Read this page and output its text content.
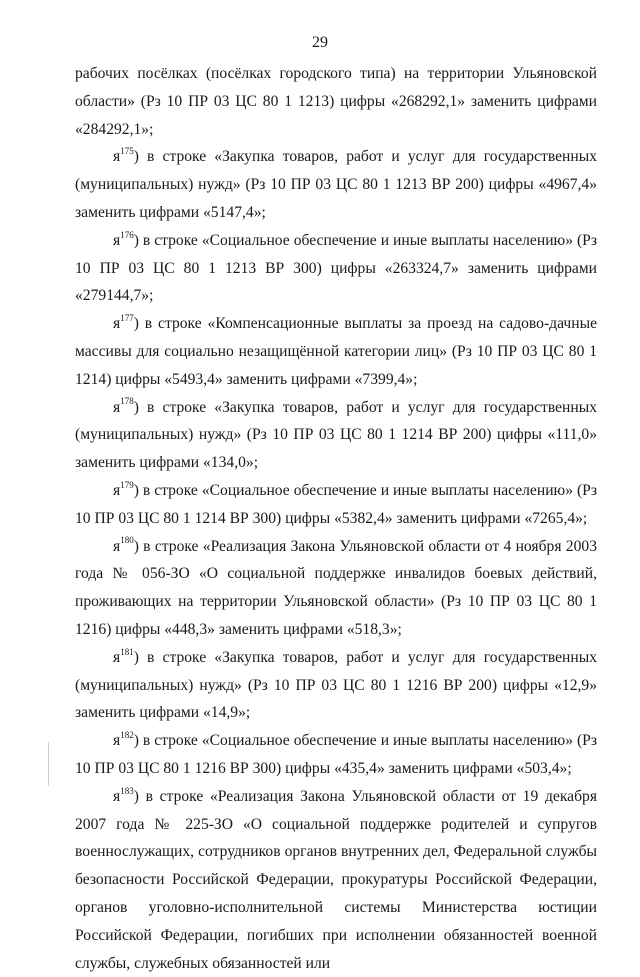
29

рабочих посёлках (посёлках городского типа) на территории Ульяновской области» (Рз 10 ПР 03 ЦС 80 1 1213) цифры «268292,1» заменить цифрами «284292,1»;

$я^{175}$) в строке «Закупка товаров, работ и услуг для государственных (муниципальных) нужд» (Рз 10 ПР 03 ЦС 80 1 1213 ВР 200) цифры «4967,4» заменить цифрами «5147,4»;

$я^{176}$) в строке «Социальное обеспечение и иные выплаты населению» (Рз 10 ПР 03 ЦС 80 1 1213 ВР 300) цифры «263324,7» заменить цифрами «279144,7»;

$я^{177}$) в строке «Компенсационные выплаты за проезд на садово-дачные массивы для социально незащищённой категории лиц» (Рз 10 ПР 03 ЦС 80 1 1214) цифры «5493,4» заменить цифрами «7399,4»;

$я^{178}$) в строке «Закупка товаров, работ и услуг для государственных (муниципальных) нужд» (Рз 10 ПР 03 ЦС 80 1 1214 ВР 200) цифры «111,0» заменить цифрами «134,0»;

$я^{179}$) в строке «Социальное обеспечение и иные выплаты населению» (Рз 10 ПР 03 ЦС 80 1 1214 ВР 300) цифры «5382,4» заменить цифрами «7265,4»;

$я^{180}$) в строке «Реализация Закона Ульяновской области от 4 ноября 2003 года № 056-ЗО «О социальной поддержке инвалидов боевых действий, проживающих на территории Ульяновской области» (Рз 10 ПР 03 ЦС 80 1 1216) цифры «448,3» заменить цифрами «518,3»;

$я^{181}$) в строке «Закупка товаров, работ и услуг для государственных (муниципальных) нужд» (Рз 10 ПР 03 ЦС 80 1 1216 ВР 200) цифры «12,9» заменить цифрами «14,9»;

$я^{182}$) в строке «Социальное обеспечение и иные выплаты населению» (Рз 10 ПР 03 ЦС 80 1 1216 ВР 300) цифры «435,4» заменить цифрами «503,4»;

$я^{183}$) в строке «Реализация Закона Ульяновской области от 19 декабря 2007 года № 225-ЗО «О социальной поддержке родителей и супругов военнослужащих, сотрудников органов внутренних дел, Федеральной службы безопасности Российской Федерации, прокуратуры Российской Федерации, органов уголовно-исполнительной системы Министерства юстиции Российской Федерации, погибших при исполнении обязанностей военной службы, служебных обязанностей или
